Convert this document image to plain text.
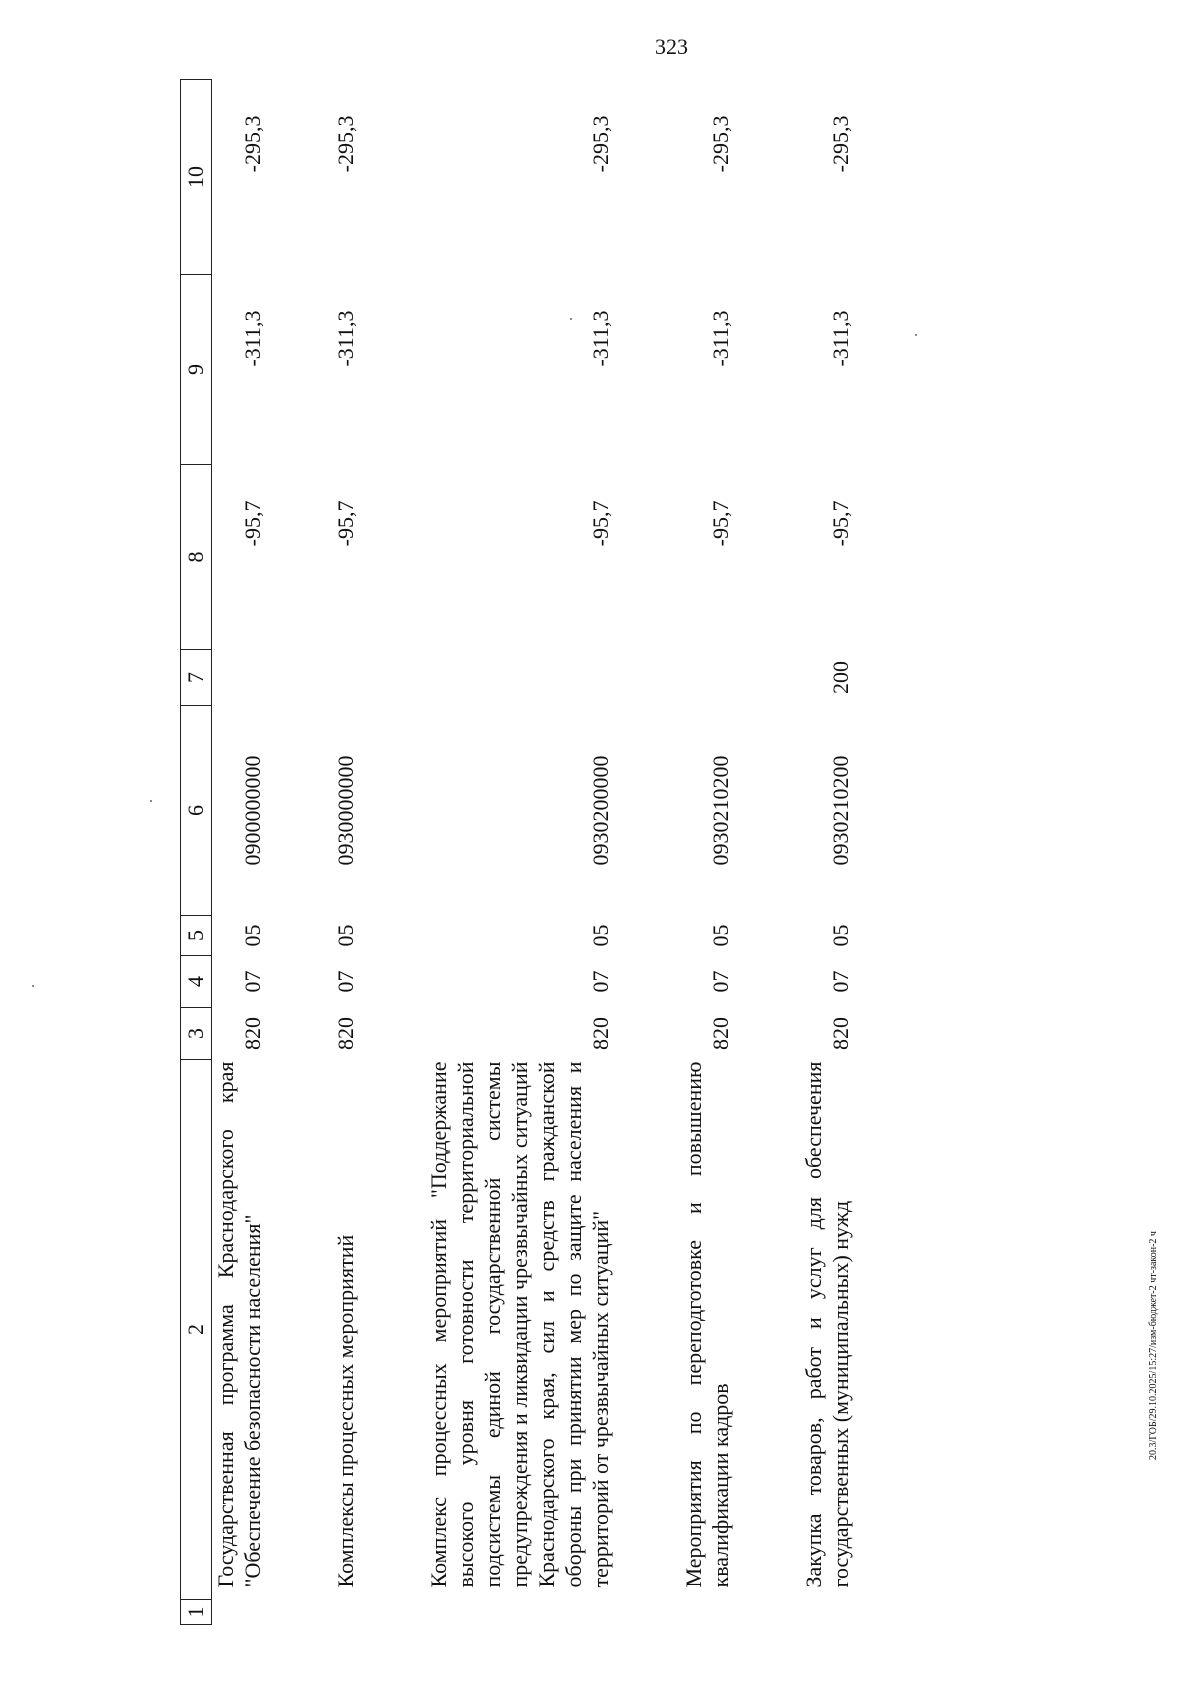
323
20.3/ГОБ/29.10.2025/15:27/изм-бюджет-2 чт-закон-2 ч
1	2	3	4	5	6	7	8	9	10
	Государственная программа Краснодарского края "Обеспечение безопасности населения"	820	07	05	0900000000		-95,7	-311,3	-295,3

	Комплексы процессных мероприятий	820	07	05	0930000000		-95,7	-311,3	-295,3

	Комплекс процессных мероприятий "Поддержание высокого уровня готовности территориальной подсистемы единой государственной системы предупреждения и ликвидации чрезвычайных ситуаций Краснодарского края, сил и средств гражданской обороны при принятии мер по защите населения и территорий от чрезвычайных ситуаций"	820	07	05	0930200000		-95,7	-311,3	-295,3

	Мероприятия по переподготовке и повышению квалификации кадров	820	07	05	0930210200		-95,7	-311,3	-295,3

	Закупка товаров, работ и услуг для обеспечения государственных (муниципальных) нужд	820	07	05	0930210200	200	-95,7	-311,3	-295,3
